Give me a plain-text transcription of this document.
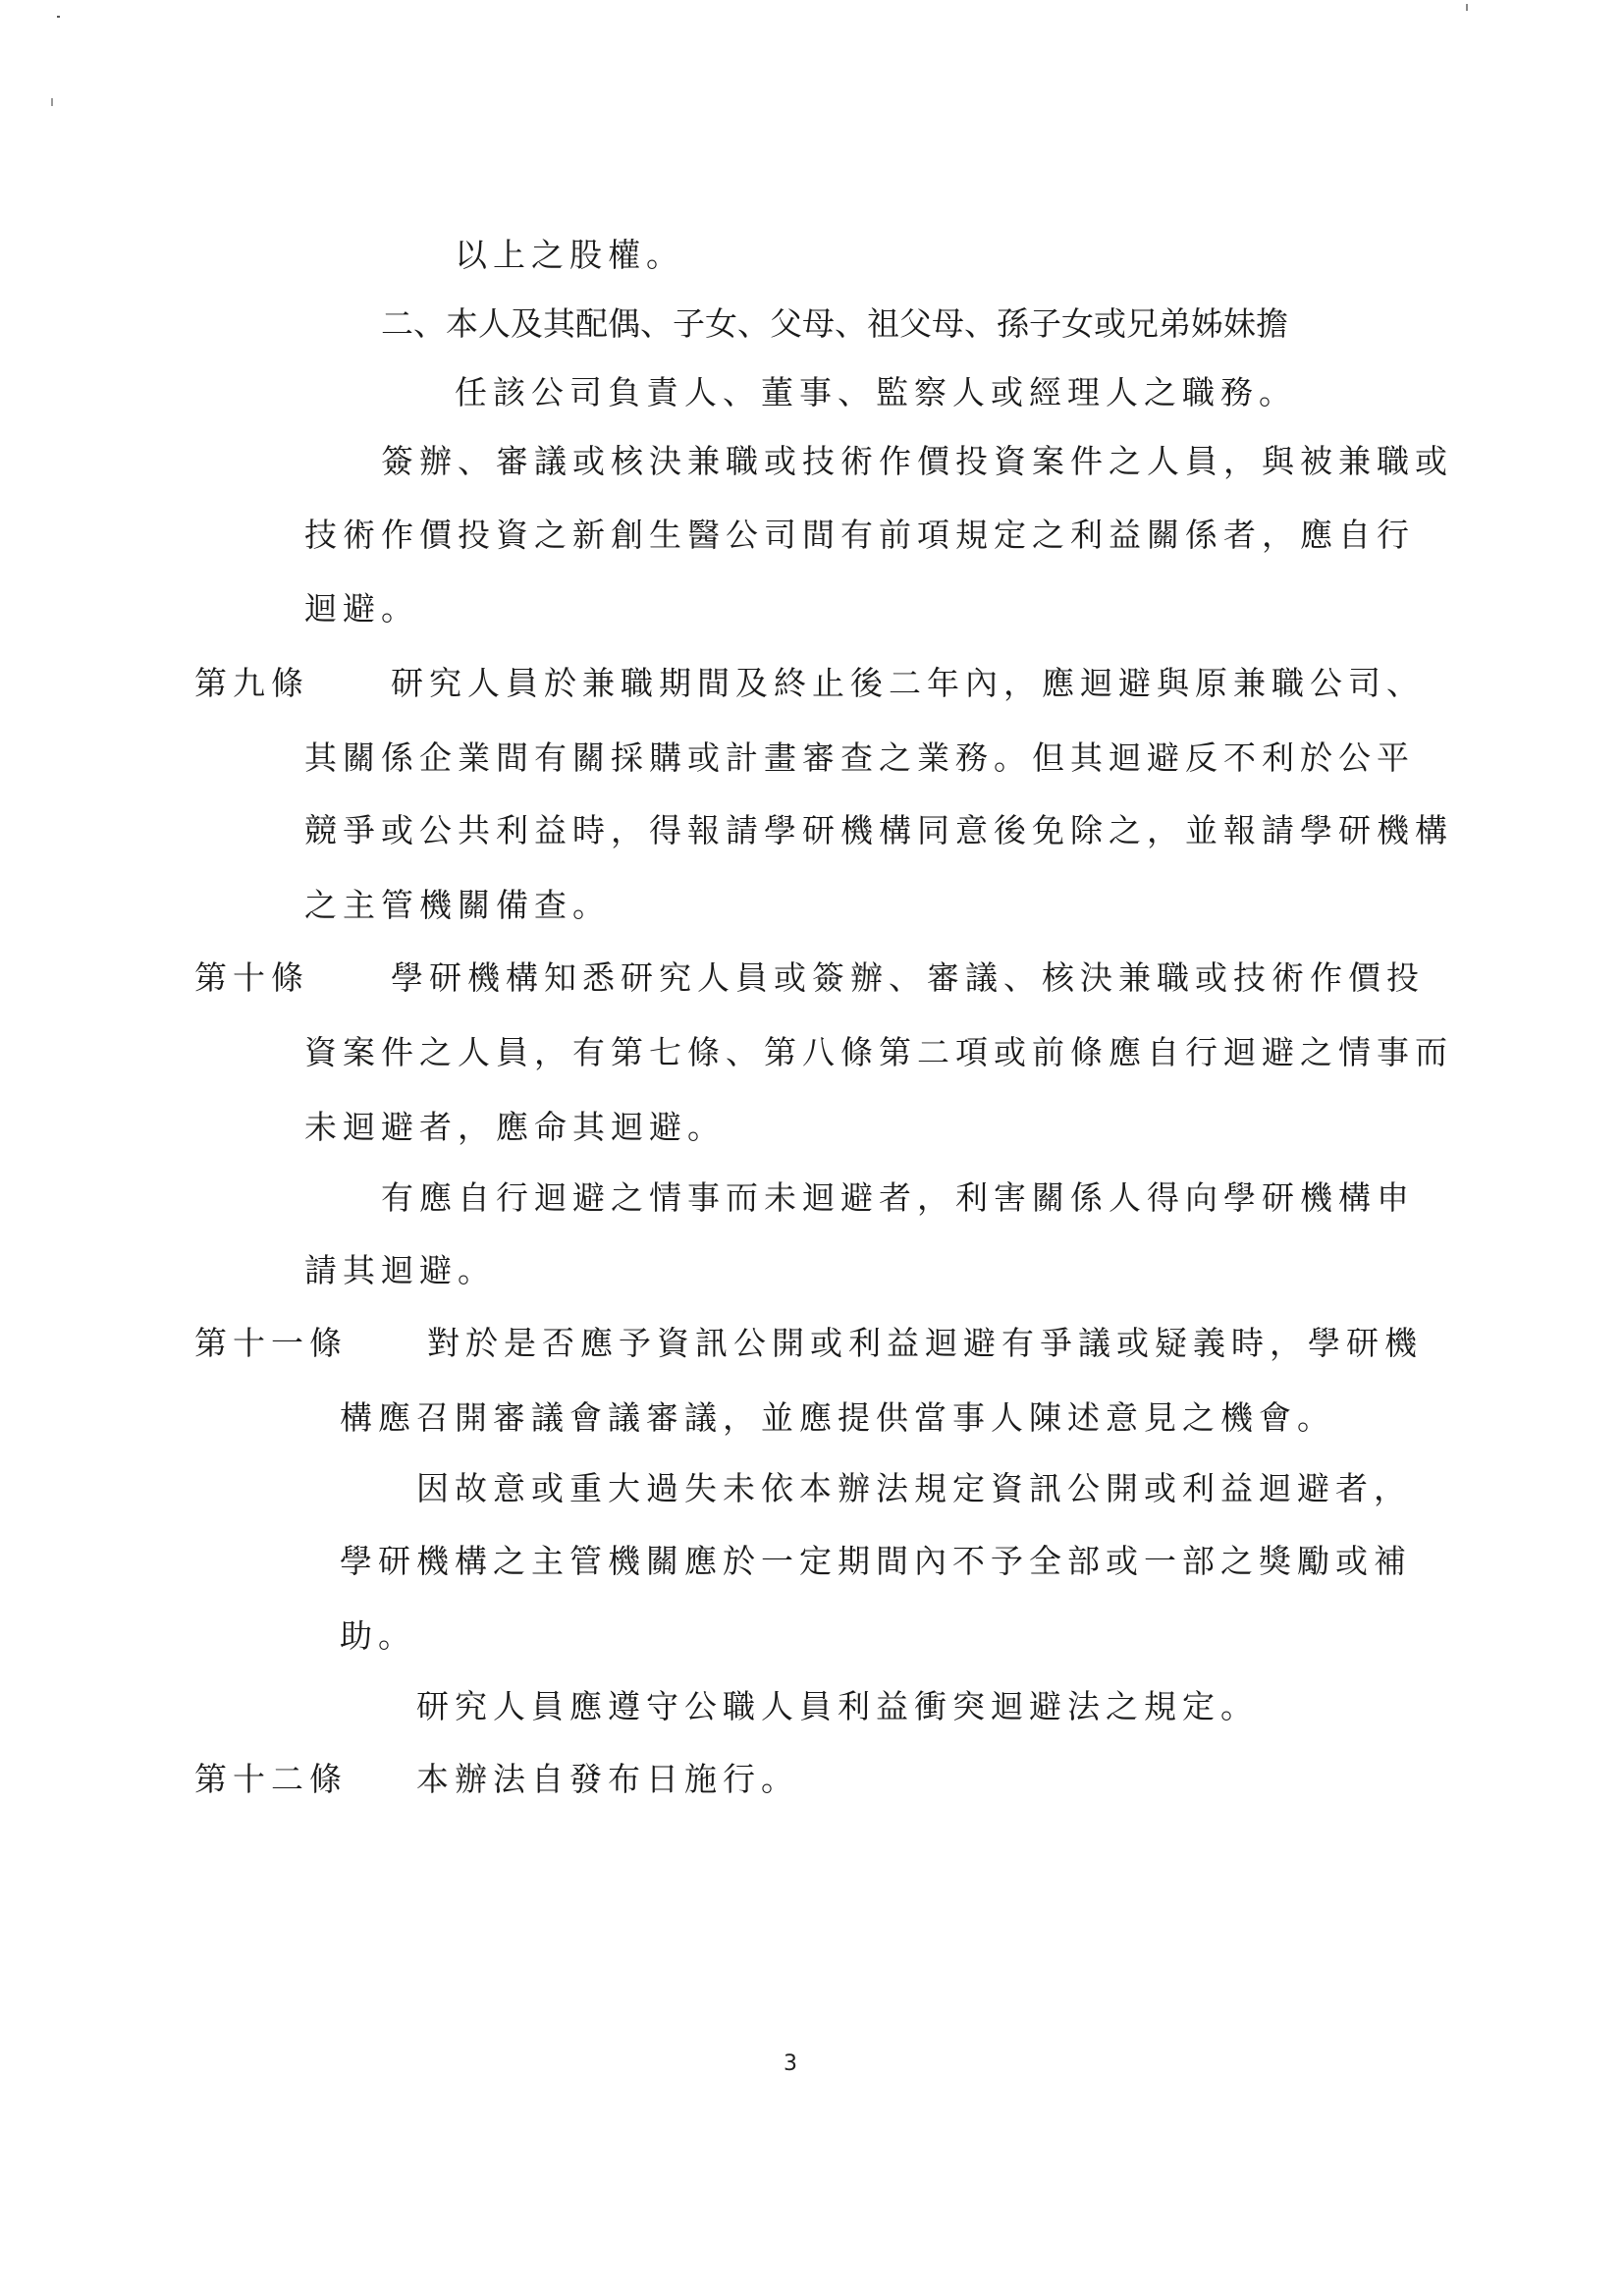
以上之股權。
二、本人及其配偶、子女、父母、祖父母、孫子女或兄弟姊妹擔
任該公司負責人、董事、監察人或經理人之職務。
簽辦、審議或核決兼職或技術作價投資案件之人員，與被兼職或
技術作價投資之新創生醫公司間有前項規定之利益關係者，應自行
迴避。
第九條	研究人員於兼職期間及終止後二年內，應迴避與原兼職公司、
其關係企業間有關採購或計畫審查之業務。但其迴避反不利於公平
競爭或公共利益時，得報請學研機構同意後免除之，並報請學研機構
之主管機關備查。
第十條	學研機構知悉研究人員或簽辦、審議、核決兼職或技術作價投
資案件之人員，有第七條、第八條第二項或前條應自行迴避之情事而
未迴避者，應命其迴避。
有應自行迴避之情事而未迴避者，利害關係人得向學研機構申
請其迴避。
第十一條 對於是否應予資訊公開或利益迴避有爭議或疑義時，學研機
構應召開審議會議審議，並應提供當事人陳述意見之機會。
因故意或重大過失未依本辦法規定資訊公開或利益迴避者，
學研機構之主管機關應於一定期間內不予全部或一部之獎勵或補
助。
研究人員應遵守公職人員利益衝突迴避法之規定。
第十二條 本辦法自發布日施行。
3
